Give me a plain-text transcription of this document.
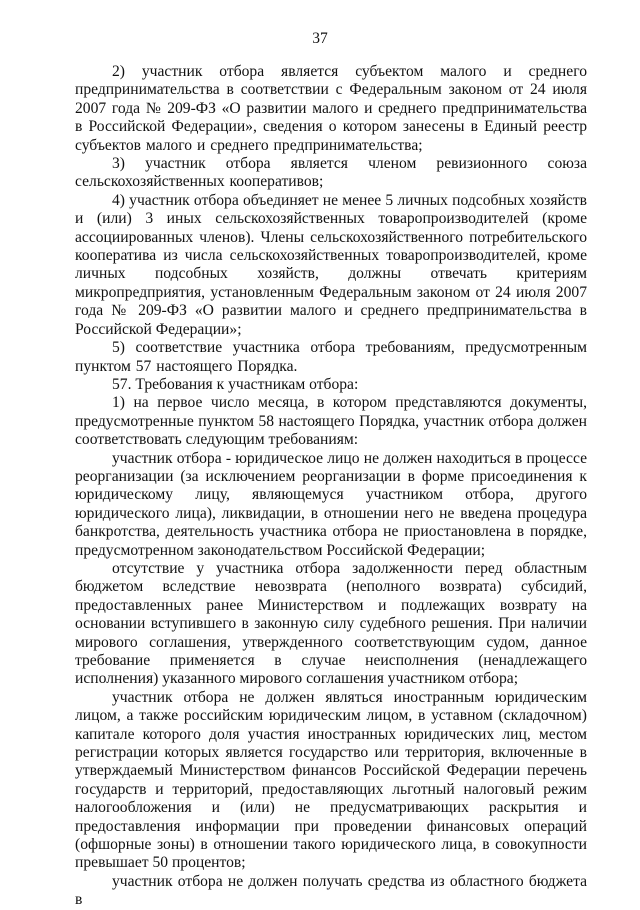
37

2) участник отбора является субъектом малого и среднего предпринимательства в соответствии с Федеральным законом от 24 июля 2007 года № 209-ФЗ «О развитии малого и среднего предпринимательства в Российской Федерации», сведения о котором занесены в Единый реестр субъектов малого и среднего предпринимательства;

3) участник отбора является членом ревизионного союза сельскохозяйственных кооперативов;

4) участник отбора объединяет не менее 5 личных подсобных хозяйств и (или) 3 иных сельскохозяйственных товаропроизводителей (кроме ассоциированных членов). Члены сельскохозяйственного потребительского кооператива из числа сельскохозяйственных товаропроизводителей, кроме личных подсобных хозяйств, должны отвечать критериям микропредприятия, установленным Федеральным законом от 24 июля 2007 года № 209-ФЗ «О развитии малого и среднего предпринимательства в Российской Федерации»;

5) соответствие участника отбора требованиям, предусмотренным пунктом 57 настоящего Порядка.

57. Требования к участникам отбора:

1) на первое число месяца, в котором представляются документы, предусмотренные пунктом 58 настоящего Порядка, участник отбора должен соответствовать следующим требованиям:

участник отбора - юридическое лицо не должен находиться в процессе реорганизации (за исключением реорганизации в форме присоединения к юридическому лицу, являющемуся участником отбора, другого юридического лица), ликвидации, в отношении него не введена процедура банкротства, деятельность участника отбора не приостановлена в порядке, предусмотренном законодательством Российской Федерации;

отсутствие у участника отбора задолженности перед областным бюджетом вследствие невозврата (неполного возврата) субсидий, предоставленных ранее Министерством и подлежащих возврату на основании вступившего в законную силу судебного решения. При наличии мирового соглашения, утвержденного соответствующим судом, данное требование применяется в случае неисполнения (ненадлежащего исполнения) указанного мирового соглашения участником отбора;

участник отбора не должен являться иностранным юридическим лицом, а также российским юридическим лицом, в уставном (складочном) капитале которого доля участия иностранных юридических лиц, местом регистрации которых является государство или территория, включенные в утверждаемый Министерством финансов Российской Федерации перечень государств и территорий, предоставляющих льготный налоговый режим налогообложения и (или) не предусматривающих раскрытия и предоставления информации при проведении финансовых операций (офшорные зоны) в отношении такого юридического лица, в совокупности превышает 50 процентов;

участник отбора не должен получать средства из областного бюджета в
